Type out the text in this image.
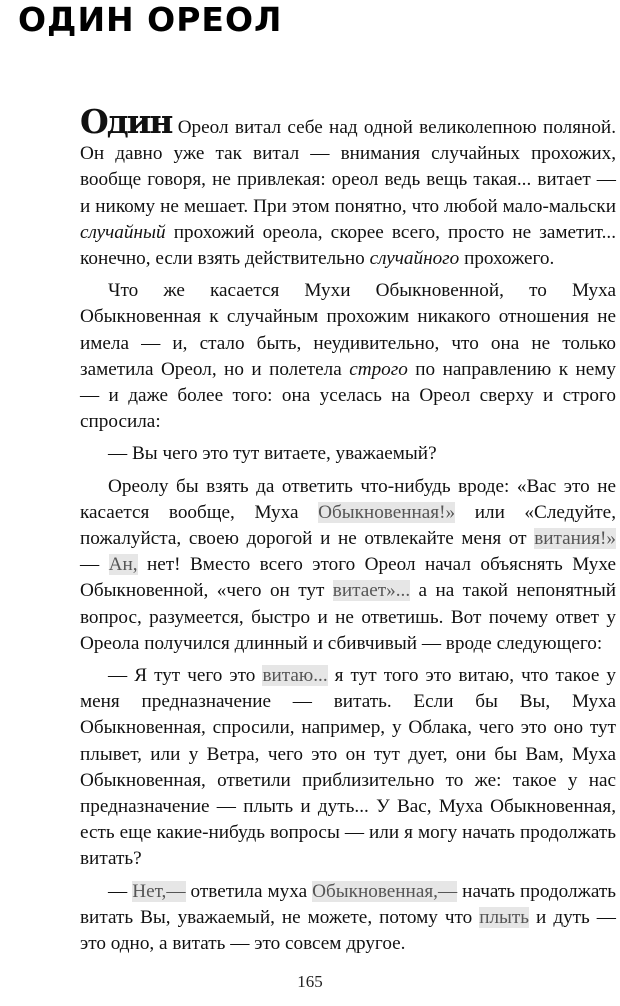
ОДИН ОРЕОЛ

Один Ореол витал себе над одной великолепною поляной. Он давно уже так витал — внимания случайных прохожих, вообще говоря, не привлекая: ореол ведь вещь такая... витает — и никому не мешает. При этом понятно, что любой мало-мальски случайный прохожий ореола, скорее всего, просто не заметит... конечно, если взять действительно случайного прохожего.

Что же касается Мухи Обыкновенной, то Муха Обыкновенная к случайным прохожим никакого отношения не имела — и, стало быть, неудивительно, что она не только заметила Ореол, но и полетела строго по направлению к нему — и даже более того: она уселась на Ореол сверху и строго спросила:

— Вы чего это тут витаете, уважаемый?

Ореолу бы взять да ответить что-нибудь вроде: «Вас это не касается вообще, Муха Обыкновенная!» или «Следуйте, пожалуйста, своею дорогой и не отвлекайте меня от витания!» — Ан, нет! Вместо всего этого Ореол начал объяснять Мухе Обыкновенной, «чего он тут витает»... а на такой непонятный вопрос, разумеется, быстро и не ответишь. Вот почему ответ у Ореола получился длинный и сбивчивый — вроде следующего:

— Я тут чего это витаю... я тут того это витаю, что такое у меня предназначение — витать. Если бы Вы, Муха Обыкновенная, спросили, например, у Облака, чего это оно тут плывет, или у Ветра, чего это он тут дует, они бы Вам, Муха Обыкновенная, ответили приблизительно то же: такое у нас предназначение — плыть и дуть... У Вас, Муха Обыкновенная, есть еще какие-нибудь вопросы — или я могу начать продолжать витать?

— Нет,— ответила муха Обыкновенная,— начать продолжать витать Вы, уважаемый, не можете, потому что плыть и дуть — это одно, а витать — это совсем другое.

165
